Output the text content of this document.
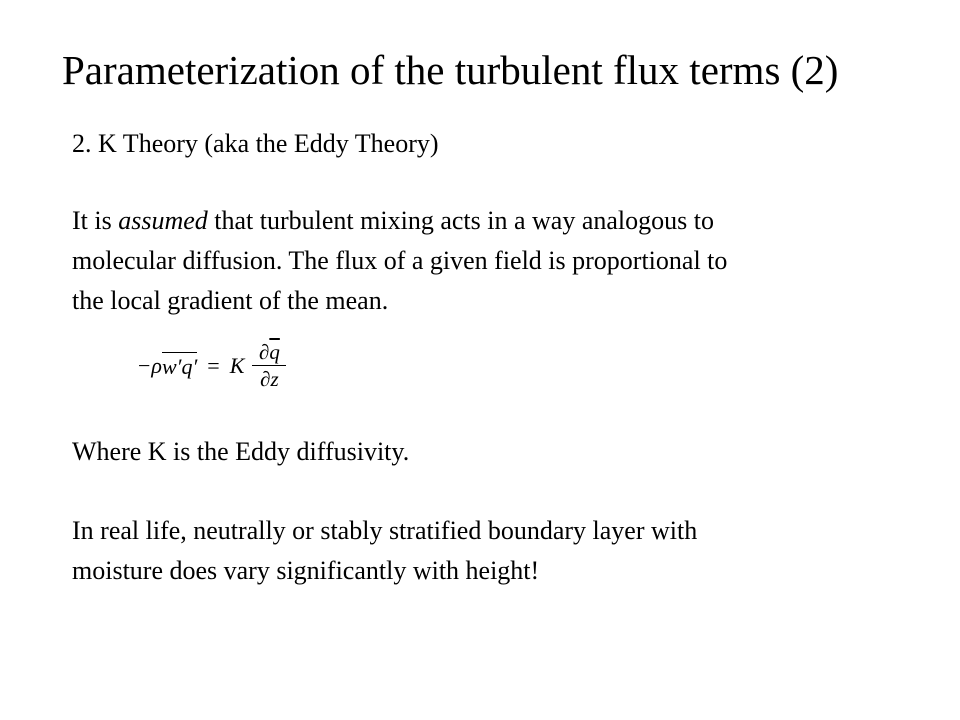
Parameterization of the turbulent flux terms (2)
2. K Theory (aka the Eddy Theory)
It is assumed that turbulent mixing acts in a way analogous to
molecular diffusion. The flux of a given field is proportional to
the local gradient of the mean.
− ρ w′q′ = K $\frac{\partial\overline{q}}{\partial z}$
Where K is the Eddy diffusivity.
In real life, neutrally or stably stratified boundary layer with
moisture does vary significantly with height!
